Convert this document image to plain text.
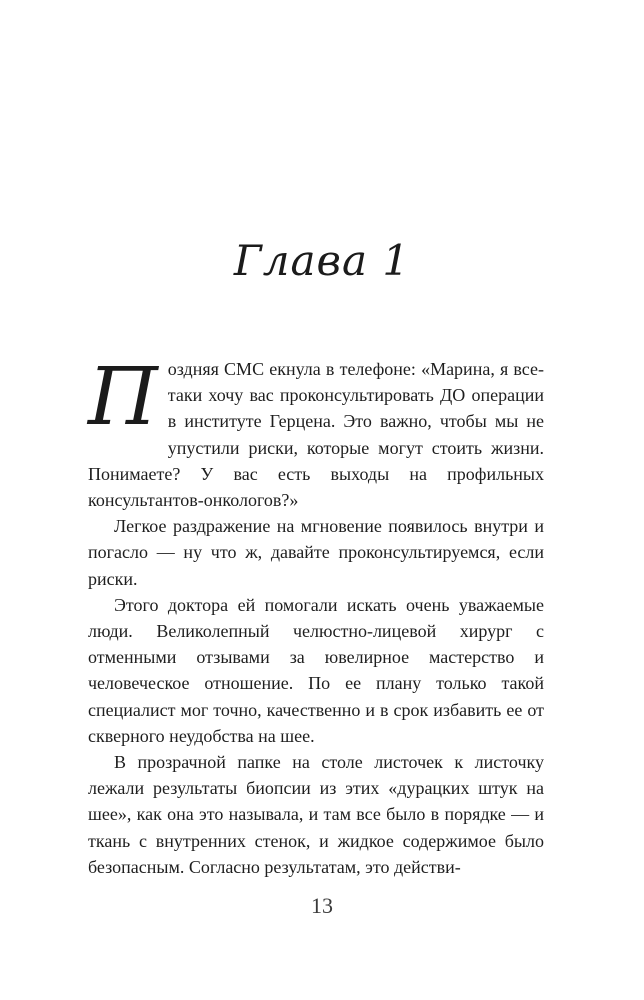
Глава 1

Поздняя СМС екнула в телефоне: «Марина, я все-таки хочу вас проконсультировать ДО операции в институте Герцена. Это важно, чтобы мы не упустили риски, которые могут стоить жизни. Понимаете? У вас есть выходы на профильных консультантов-онкологов?»

Легкое раздражение на мгновение появилось внутри и погасло — ну что ж, давайте проконсультируемся, если риски.

Этого доктора ей помогали искать очень уважаемые люди. Великолепный челюстно-лицевой хирург с отменными отзывами за ювелирное мастерство и человеческое отношение. По ее плану только такой специалист мог точно, качественно и в срок избавить ее от скверного неудобства на шее.

В прозрачной папке на столе листочек к листочку лежали результаты биопсии из этих «дурацких штук на шее», как она это называла, и там все было в порядке — и ткань с внутренних стенок, и жидкое содержимое было безопасным. Согласно результатам, это действи-

13
